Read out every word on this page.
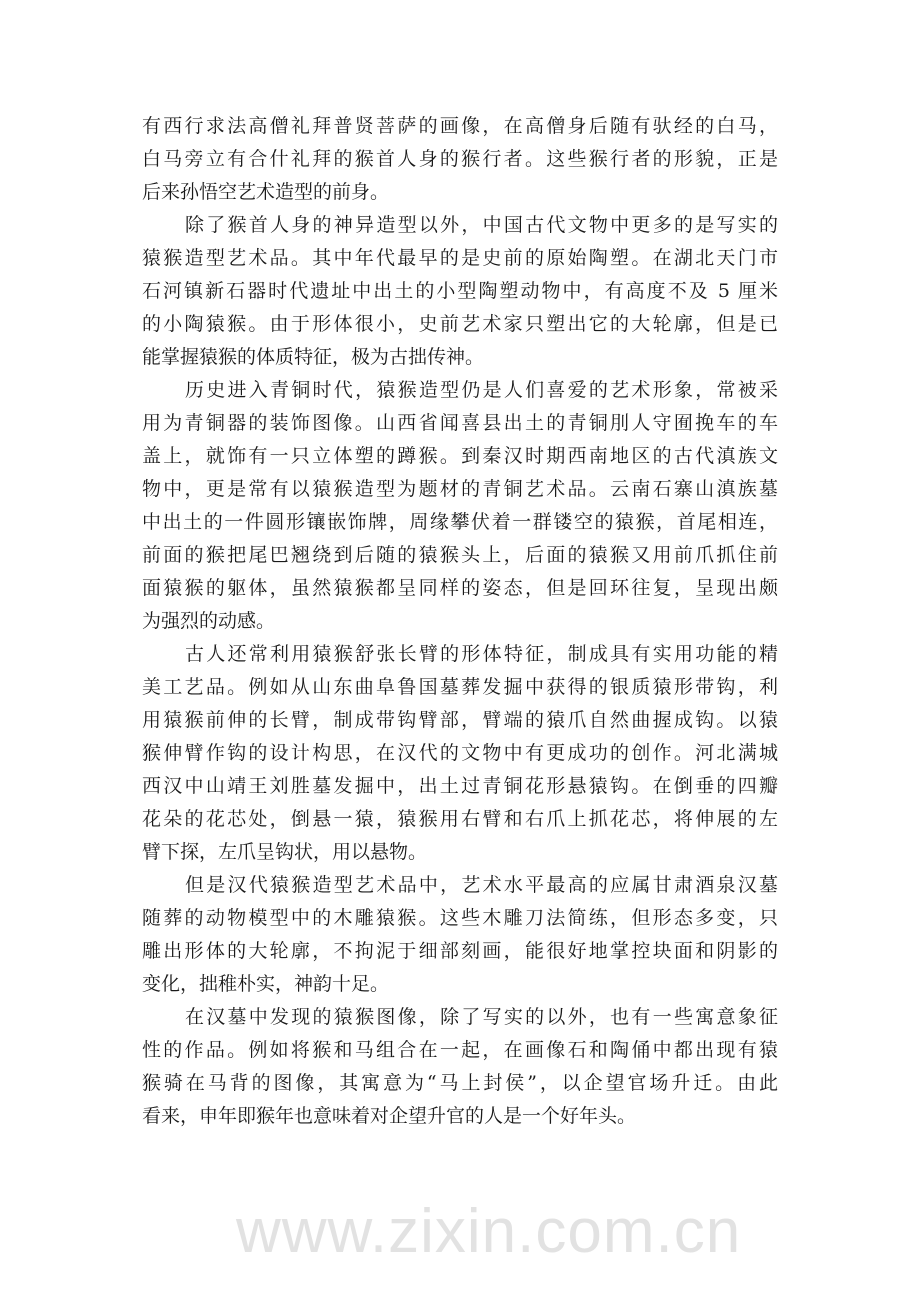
有西行求法高僧礼拜普贤菩萨的画像，在高僧身后随有驮经的白马，
白马旁立有合什礼拜的猴首人身的猴行者。这些猴行者的形貌，正是
后来孙悟空艺术造型的前身。
除了猴首人身的神异造型以外，中国古代文物中更多的是写实的
猿猴造型艺术品。其中年代最早的是史前的原始陶塑。在湖北天门市
石河镇新石器时代遗址中出土的小型陶塑动物中，有高度不及 5 厘米
的小陶猿猴。由于形体很小，史前艺术家只塑出它的大轮廓，但是已
能掌握猿猴的体质特征，极为古拙传神。
历史进入青铜时代，猿猴造型仍是人们喜爱的艺术形象，常被采
用为青铜器的装饰图像。山西省闻喜县出土的青铜刖人守囿挽车的车
盖上，就饰有一只立体塑的蹲猴。到秦汉时期西南地区的古代滇族文
物中，更是常有以猿猴造型为题材的青铜艺术品。云南石寨山滇族墓
中出土的一件圆形镶嵌饰牌，周缘攀伏着一群镂空的猿猴，首尾相连，
前面的猴把尾巴翘绕到后随的猿猴头上，后面的猿猴又用前爪抓住前
面猿猴的躯体，虽然猿猴都呈同样的姿态，但是回环往复，呈现出颇
为强烈的动感。
古人还常利用猿猴舒张长臂的形体特征，制成具有实用功能的精
美工艺品。例如从山东曲阜鲁国墓葬发掘中获得的银质猿形带钩，利
用猿猴前伸的长臂，制成带钩臂部，臂端的猿爪自然曲握成钩。以猿
猴伸臂作钩的设计构思，在汉代的文物中有更成功的创作。河北满城
西汉中山靖王刘胜墓发掘中，出土过青铜花形悬猿钩。在倒垂的四瓣
花朵的花芯处，倒悬一猿，猿猴用右臂和右爪上抓花芯，将伸展的左
臂下探，左爪呈钩状，用以悬物。
但是汉代猿猴造型艺术品中，艺术水平最高的应属甘肃酒泉汉墓
随葬的动物模型中的木雕猿猴。这些木雕刀法简练，但形态多变，只
雕出形体的大轮廓，不拘泥于细部刻画，能很好地掌控块面和阴影的
变化，拙稚朴实，神韵十足。
在汉墓中发现的猿猴图像，除了写实的以外，也有一些寓意象征
性的作品。例如将猴和马组合在一起，在画像石和陶俑中都出现有猿
猴骑在马背的图像，其寓意为“马上封侯”，以企望官场升迁。由此
看来，申年即猴年也意味着对企望升官的人是一个好年头。
www.zixin.com.cn
